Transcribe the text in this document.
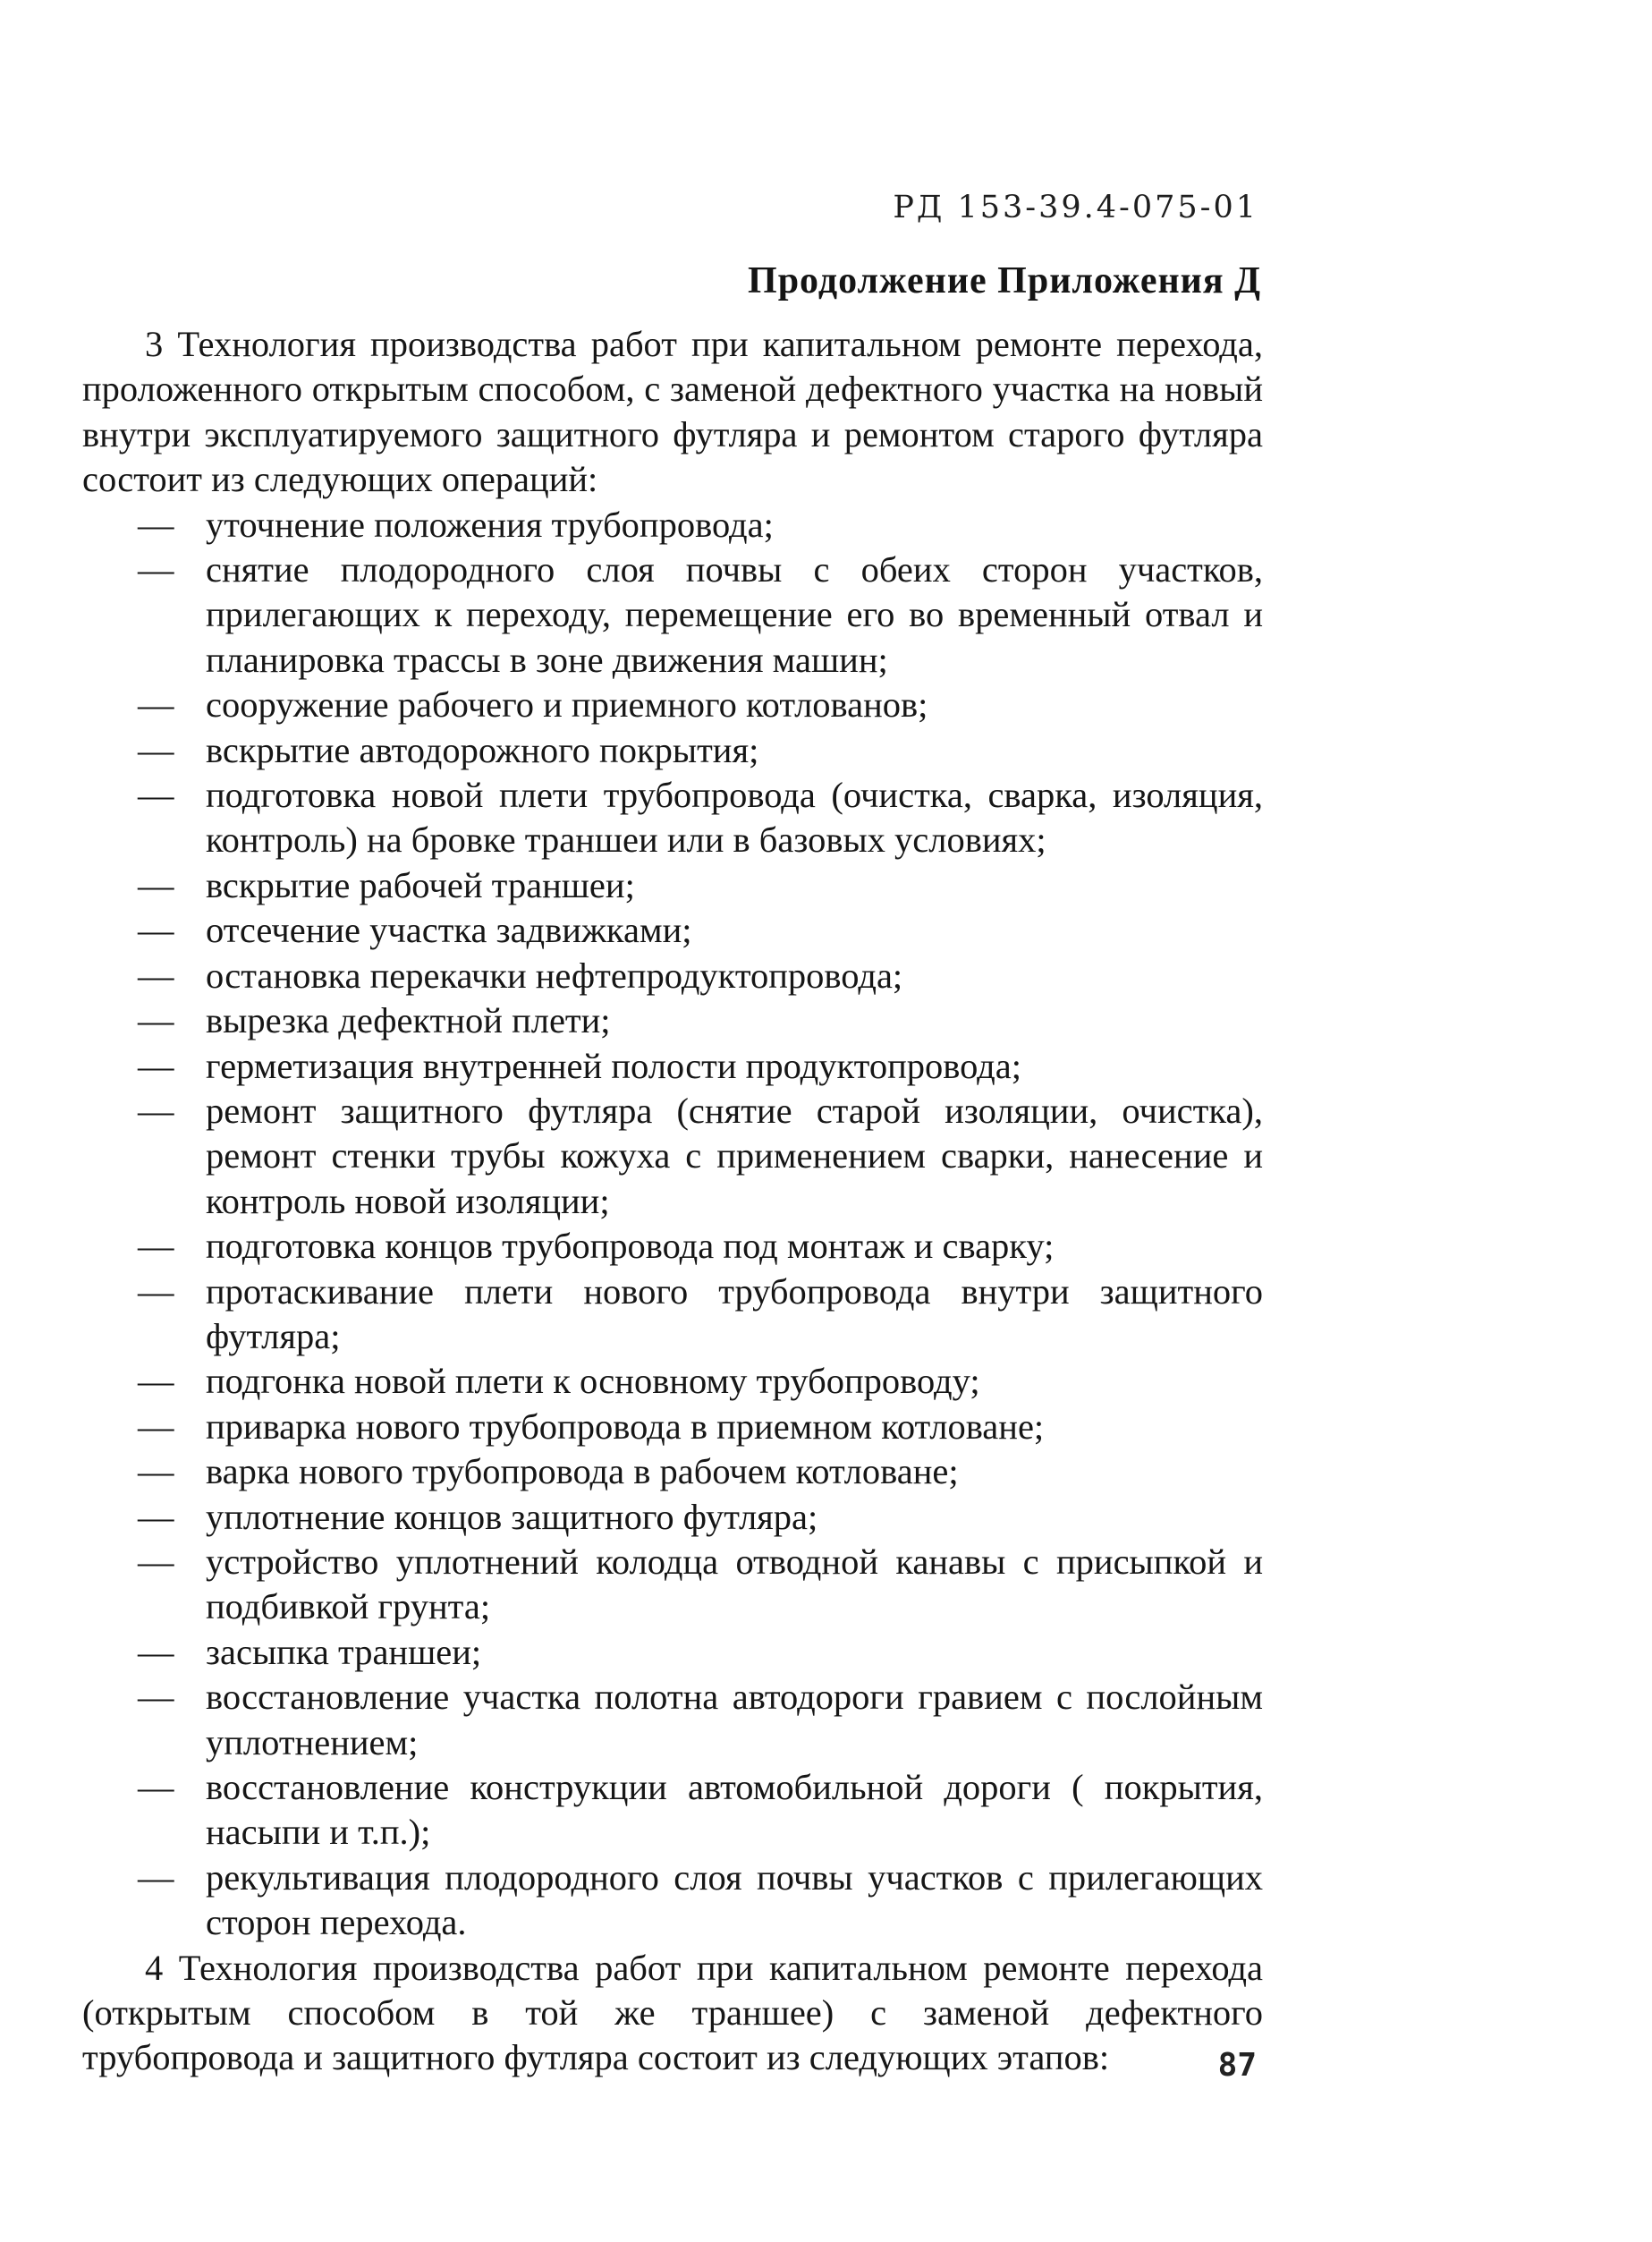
РД 153-39.4-075-01
Продолжение Приложения Д

3 Технология производства работ при капитальном ремонте перехода, проложенного открытым способом, с заменой дефектного участка на новый внутри эксплуатируемого защитного футляра и ремонтом старого футляра состоит из следующих операций:

— уточнение положения трубопровода;

— снятие плодородного слоя почвы с обеих сторон участков, прилегающих к переходу, перемещение его во временный отвал и планировка трассы в зоне движения машин;

— сооружение рабочего и приемного котлованов;

— вскрытие автодорожного покрытия;

— подготовка новой плети трубопровода (очистка, сварка, изоляция, контроль) на бровке траншеи или в базовых условиях;

— вскрытие рабочей траншеи;

— отсечение участка задвижками;

— остановка перекачки нефтепродуктопровода;

— вырезка дефектной плети;

— герметизация внутренней полости продуктопровода;

— ремонт защитного футляра (снятие старой изоляции, очистка), ремонт стенки трубы кожуха с применением сварки, нанесение и контроль новой изоляции;

— подготовка концов трубопровода под монтаж и сварку;

— протаскивание плети нового трубопровода внутри защитного футляра;

— подгонка новой плети к основному трубопроводу;

— приварка нового трубопровода в приемном котловане;

— варка нового трубопровода в рабочем котловане;

— уплотнение концов защитного футляра;

— устройство уплотнений колодца отводной канавы с присыпкой и подбивкой грунта;

— засыпка траншеи;

— восстановление участка полотна автодороги гравием с послойным уплотнением;

— восстановление конструкции автомобильной дороги ( покрытия, насыпи и т.п.);

— рекультивация плодородного слоя почвы участков с прилегающих сторон перехода.

4 Технология производства работ при капитальном ремонте перехода (открытым способом в той же траншее) с заменой дефектного трубопровода и защитного футляра состоит из следующих этапов:	87
